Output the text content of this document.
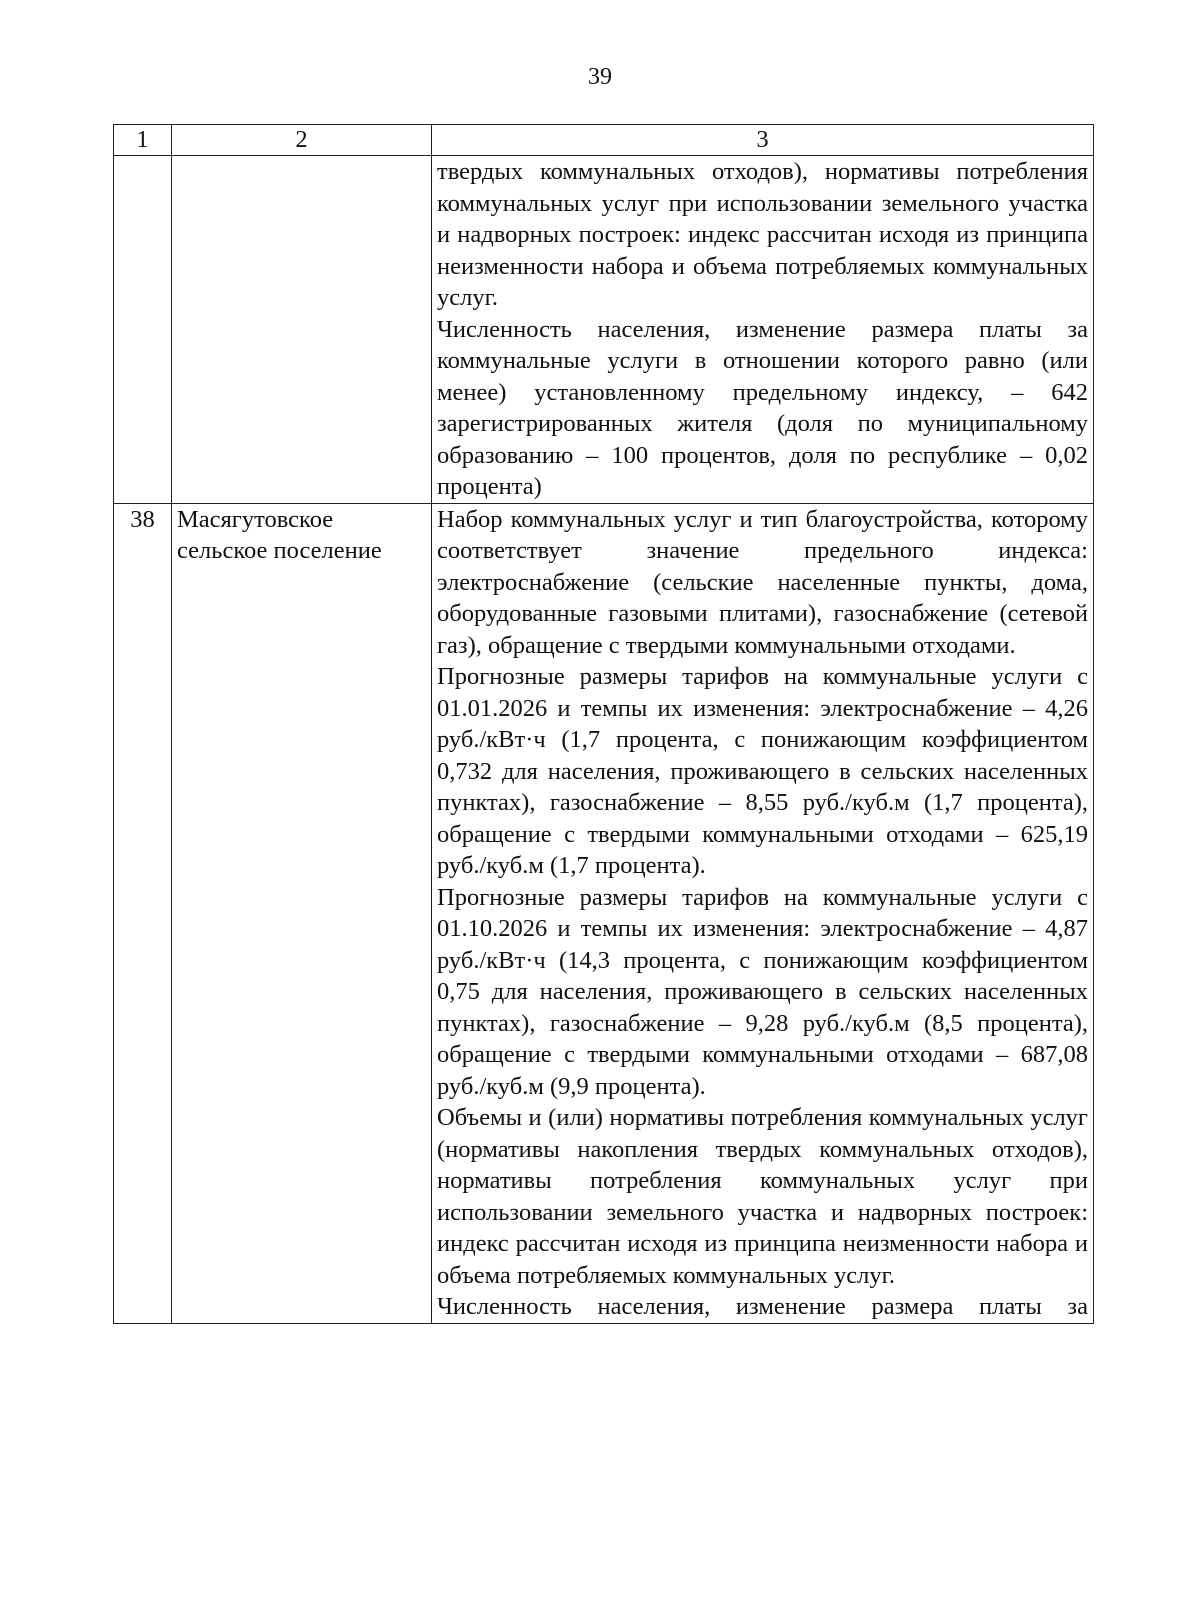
39
1	2	3

		твердых коммунальных отходов), нормативы потребления коммунальных услуг при использовании земельного участка и надворных построек: индекс рассчитан исходя из принципа неизменности набора и объема потребляемых коммунальных услуг.
Численность населения, изменение размера платы за коммунальные услуги в отношении которого равно (или менее) установленному предельному индексу, – 642 зарегистрированных жителя (доля по муниципальному образованию – 100 процентов, доля по республике – 0,02 процента)

38	Масягутовское сельское поселение	Набор коммунальных услуг и тип благоустройства, которому соответствует значение предельного индекса: электроснабжение (сельские населенные пункты, дома, оборудованные газовыми плитами), газоснабжение (сетевой газ), обращение с твердыми коммунальными отходами.
Прогнозные размеры тарифов на коммунальные услуги с 01.01.2026 и темпы их изменения: электроснабжение – 4,26 руб./кВт·ч (1,7 процента, с понижающим коэффициентом 0,732 для населения, проживающего в сельских населенных пунктах), газоснабжение – 8,55 руб./куб.м (1,7 процента), обращение с твердыми коммунальными отходами – 625,19 руб./куб.м (1,7 процента).
Прогнозные размеры тарифов на коммунальные услуги с 01.10.2026 и темпы их изменения: электроснабжение – 4,87 руб./кВт·ч (14,3 процента, с понижающим коэффициентом 0,75 для населения, проживающего в сельских населенных пунктах), газоснабжение – 9,28 руб./куб.м (8,5 процента), обращение с твердыми коммунальными отходами – 687,08 руб./куб.м (9,9 процента).
Объемы и (или) нормативы потребления коммунальных услуг (нормативы накопления твердых коммунальных отходов), нормативы потребления коммунальных услуг при использовании земельного участка и надворных построек: индекс рассчитан исходя из принципа неизменности набора и объема потребляемых коммунальных услуг.
Численность населения, изменение размера платы за
